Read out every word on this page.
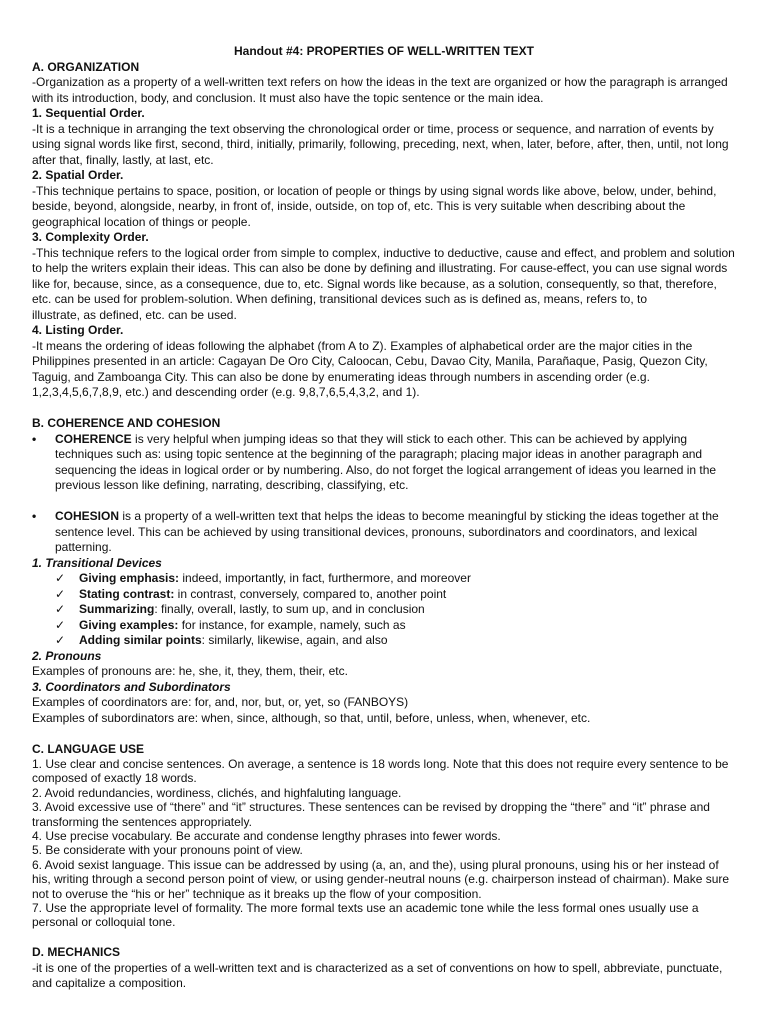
Handout #4: PROPERTIES OF WELL-WRITTEN TEXT

A. ORGANIZATION

-Organization as a property of a well-written text refers on how the ideas in the text are organized or how the paragraph is arranged with its introduction, body, and conclusion. It must also have the topic sentence or the main idea.

1. Sequential Order.

-It is a technique in arranging the text observing the chronological order or time, process or sequence, and narration of events by using signal words like first, second, third, initially, primarily, following, preceding, next, when, later, before, after, then, until, not long after that, finally, lastly, at last, etc.

2. Spatial Order.

-This technique pertains to space, position, or location of people or things by using signal words like above, below, under, behind, beside, beyond, alongside, nearby, in front of, inside, outside, on top of, etc. This is very suitable when describing about the geographical location of things or people.

3. Complexity Order.

-This technique refers to the logical order from simple to complex, inductive to deductive, cause and effect, and problem and solution to help the writers explain their ideas. This can also be done by defining and illustrating. For cause-effect, you can use signal words like for, because, since, as a consequence, due to, etc. Signal words like because, as a solution, consequently, so that, therefore, etc. can be used for problem-solution. When defining, transitional devices such as is defined as, means, refers to, to

illustrate, as defined, etc. can be used.

4. Listing Order.

-It means the ordering of ideas following the alphabet (from A to Z). Examples of alphabetical order are the major cities in the Philippines presented in an article: Cagayan De Oro City, Caloocan, Cebu, Davao City, Manila, Parañaque, Pasig, Quezon City, Taguig, and Zamboanga City. This can also be done by enumerating ideas through numbers in ascending order (e.g. 1,2,3,4,5,6,7,8,9, etc.) and descending order (e.g. 9,8,7,6,5,4,3,2, and 1).

B. COHERENCE AND COHESION

• COHERENCE is very helpful when jumping ideas so that they will stick to each other. This can be achieved by applying techniques such as: using topic sentence at the beginning of the paragraph; placing major ideas in another paragraph and sequencing the ideas in logical order or by numbering. Also, do not forget the logical arrangement of ideas you learned in the previous lesson like defining, narrating, describing, classifying, etc.
• COHESION is a property of a well-written text that helps the ideas to become meaningful by sticking the ideas together at the sentence level. This can be achieved by using transitional devices, pronouns, subordinators and coordinators, and lexical patterning.

1. Transitional Devices

✓ Giving emphasis: indeed, importantly, in fact, furthermore, and moreover
✓ Stating contrast: in contrast, conversely, compared to, another point
✓ Summarizing: finally, overall, lastly, to sum up, and in conclusion
✓ Giving examples: for instance, for example, namely, such as
✓ Adding similar points: similarly, likewise, again, and also

2. Pronouns

Examples of pronouns are: he, she, it, they, them, their, etc.

3. Coordinators and Subordinators

Examples of coordinators are: for, and, nor, but, or, yet, so (FANBOYS)

Examples of subordinators are: when, since, although, so that, until, before, unless, when, whenever, etc.

C. LANGUAGE USE

1. Use clear and concise sentences. On average, a sentence is 18 words long. Note that this does not require every sentence to be composed of exactly 18 words.

2. Avoid redundancies, wordiness, clichés, and highfaluting language.

3. Avoid excessive use of “there” and “it” structures. These sentences can be revised by dropping the “there” and “it” phrase and transforming the sentences appropriately.

4. Use precise vocabulary. Be accurate and condense lengthy phrases into fewer words.

5. Be considerate with your pronouns point of view.

6. Avoid sexist language. This issue can be addressed by using (a, an, and the), using plural pronouns, using his or her instead of his, writing through a second person point of view, or using gender-neutral nouns (e.g. chairperson instead of chairman). Make sure not to overuse the “his or her” technique as it breaks up the flow of your composition.

7. Use the appropriate level of formality. The more formal texts use an academic tone while the less formal ones usually use a personal or colloquial tone.

D. MECHANICS

-it is one of the properties of a well-written text and is characterized as a set of conventions on how to spell, abbreviate, punctuate, and capitalize a composition.
